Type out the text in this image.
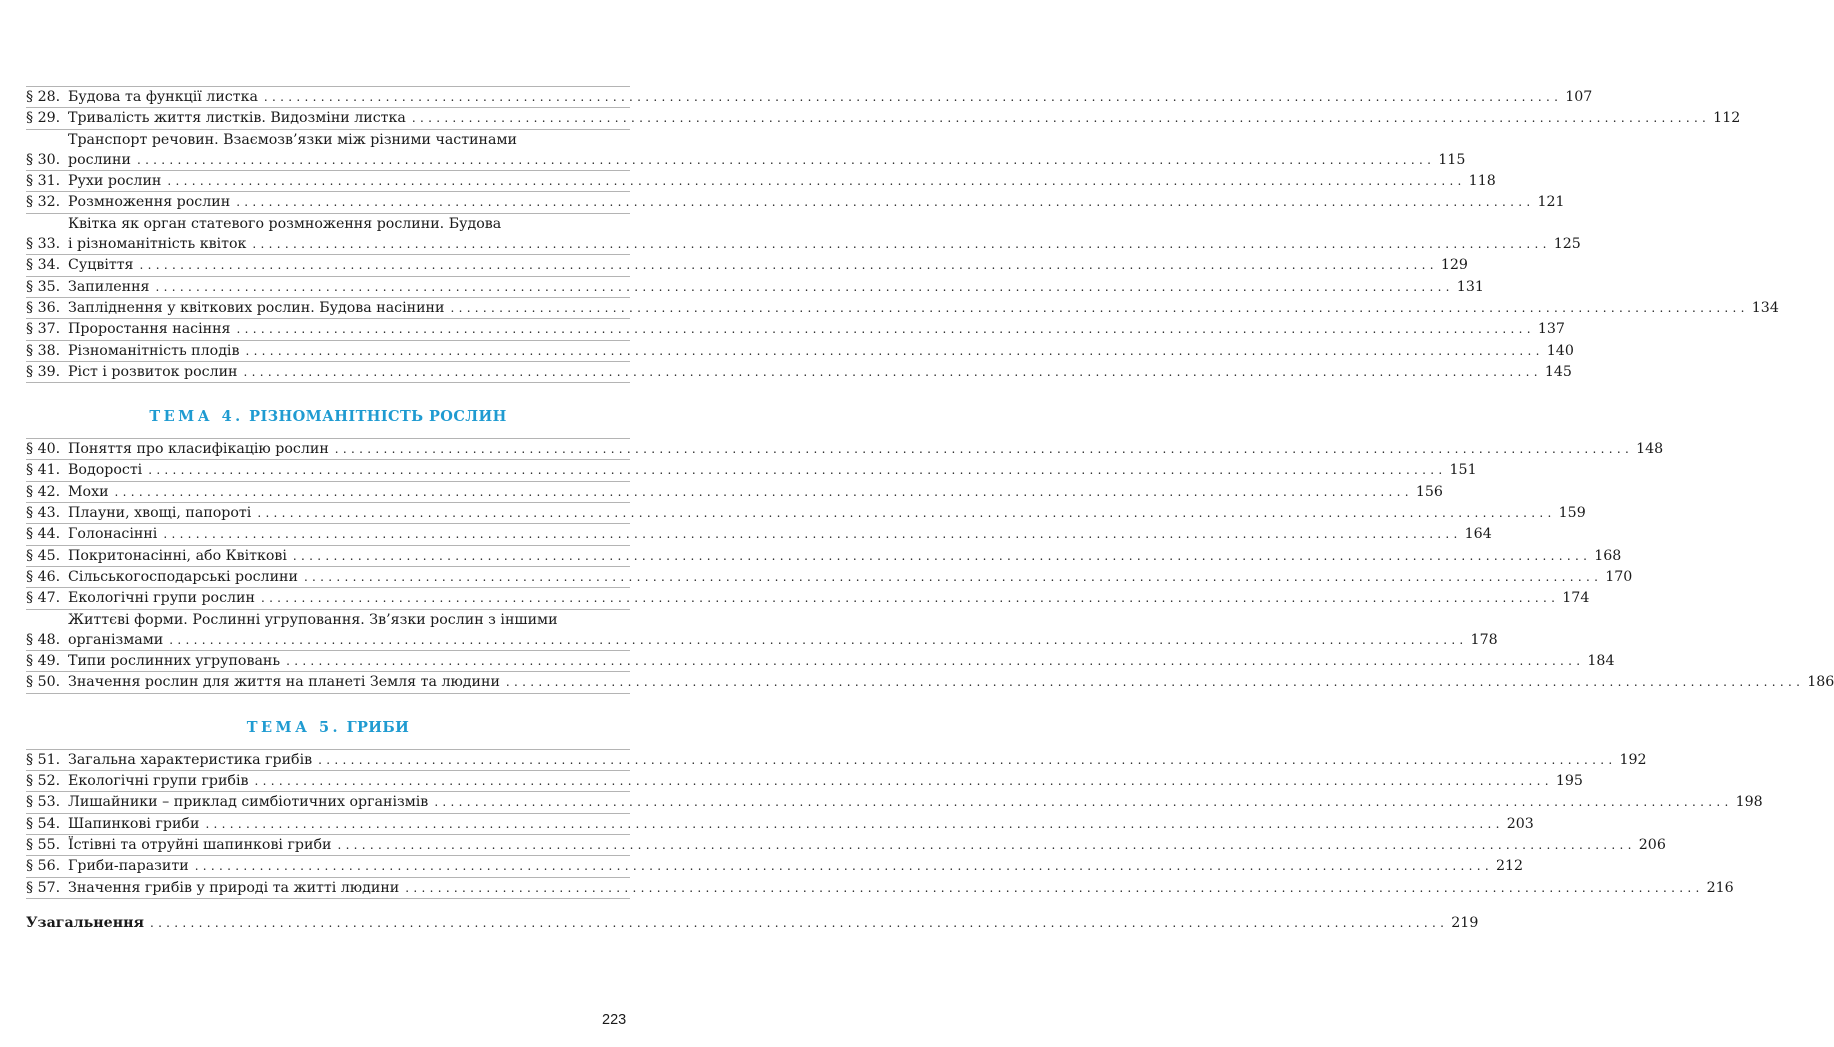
§ 28. Будова та функції листка ................................................................................................................................................................ 107
§ 29. Тривалість життя листків. Видозміни листка ................................................................................................................................................................ 112
§ 30.
Транспорт речовин. Взаємозв’язки між різними частинами
рослини ................................................................................................................................................................ 115
§ 31. Рухи рослин ................................................................................................................................................................ 118
§ 32. Розмноження рослин ................................................................................................................................................................ 121
§ 33.
Квітка як орган статевого розмноження рослини. Будова
і різноманітність квіток ................................................................................................................................................................ 125
§ 34. Суцвіття ................................................................................................................................................................ 129
§ 35. Запилення ................................................................................................................................................................ 131
§ 36. Запліднення у квіткових рослин. Будова насінини ................................................................................................................................................................ 134
§ 37. Проростання насіння ................................................................................................................................................................ 137
§ 38. Різноманітність плодів ................................................................................................................................................................ 140
§ 39. Ріст і розвиток рослин ................................................................................................................................................................ 145
ТЕМА 4. РІЗНОМАНІТНІСТЬ РОСЛИН
§ 40. Поняття про класифікацію рослин ................................................................................................................................................................ 148
§ 41. Водорості ................................................................................................................................................................ 151
§ 42. Мохи ................................................................................................................................................................ 156
§ 43. Плауни, хвощі, папороті ................................................................................................................................................................ 159
§ 44. Голонасінні ................................................................................................................................................................ 164
§ 45. Покритонасінні, або Квіткові ................................................................................................................................................................ 168
§ 46. Сільськогосподарські рослини ................................................................................................................................................................ 170
§ 47. Екологічні групи рослин ................................................................................................................................................................ 174
§ 48.
Життєві форми. Рослинні угруповання. Зв’язки рослин з іншими
організмами ................................................................................................................................................................ 178
§ 49. Типи рослинних угруповань ................................................................................................................................................................ 184
§ 50. Значення рослин для життя на планеті Земля та людини ................................................................................................................................................................ 186
ТЕМА 5. ГРИБИ
§ 51. Загальна характеристика грибів ................................................................................................................................................................ 192
§ 52. Екологічні групи грибів ................................................................................................................................................................ 195
§ 53. Лишайники – приклад симбіотичних організмів ................................................................................................................................................................ 198
§ 54. Шапинкові гриби ................................................................................................................................................................ 203
§ 55. Їстівні та отруйні шапинкові гриби ................................................................................................................................................................ 206
§ 56. Гриби-паразити ................................................................................................................................................................ 212
§ 57. Значення грибів у природі та житті людини ................................................................................................................................................................ 216
Узагальнення ................................................................................................................................................................ 219
223
